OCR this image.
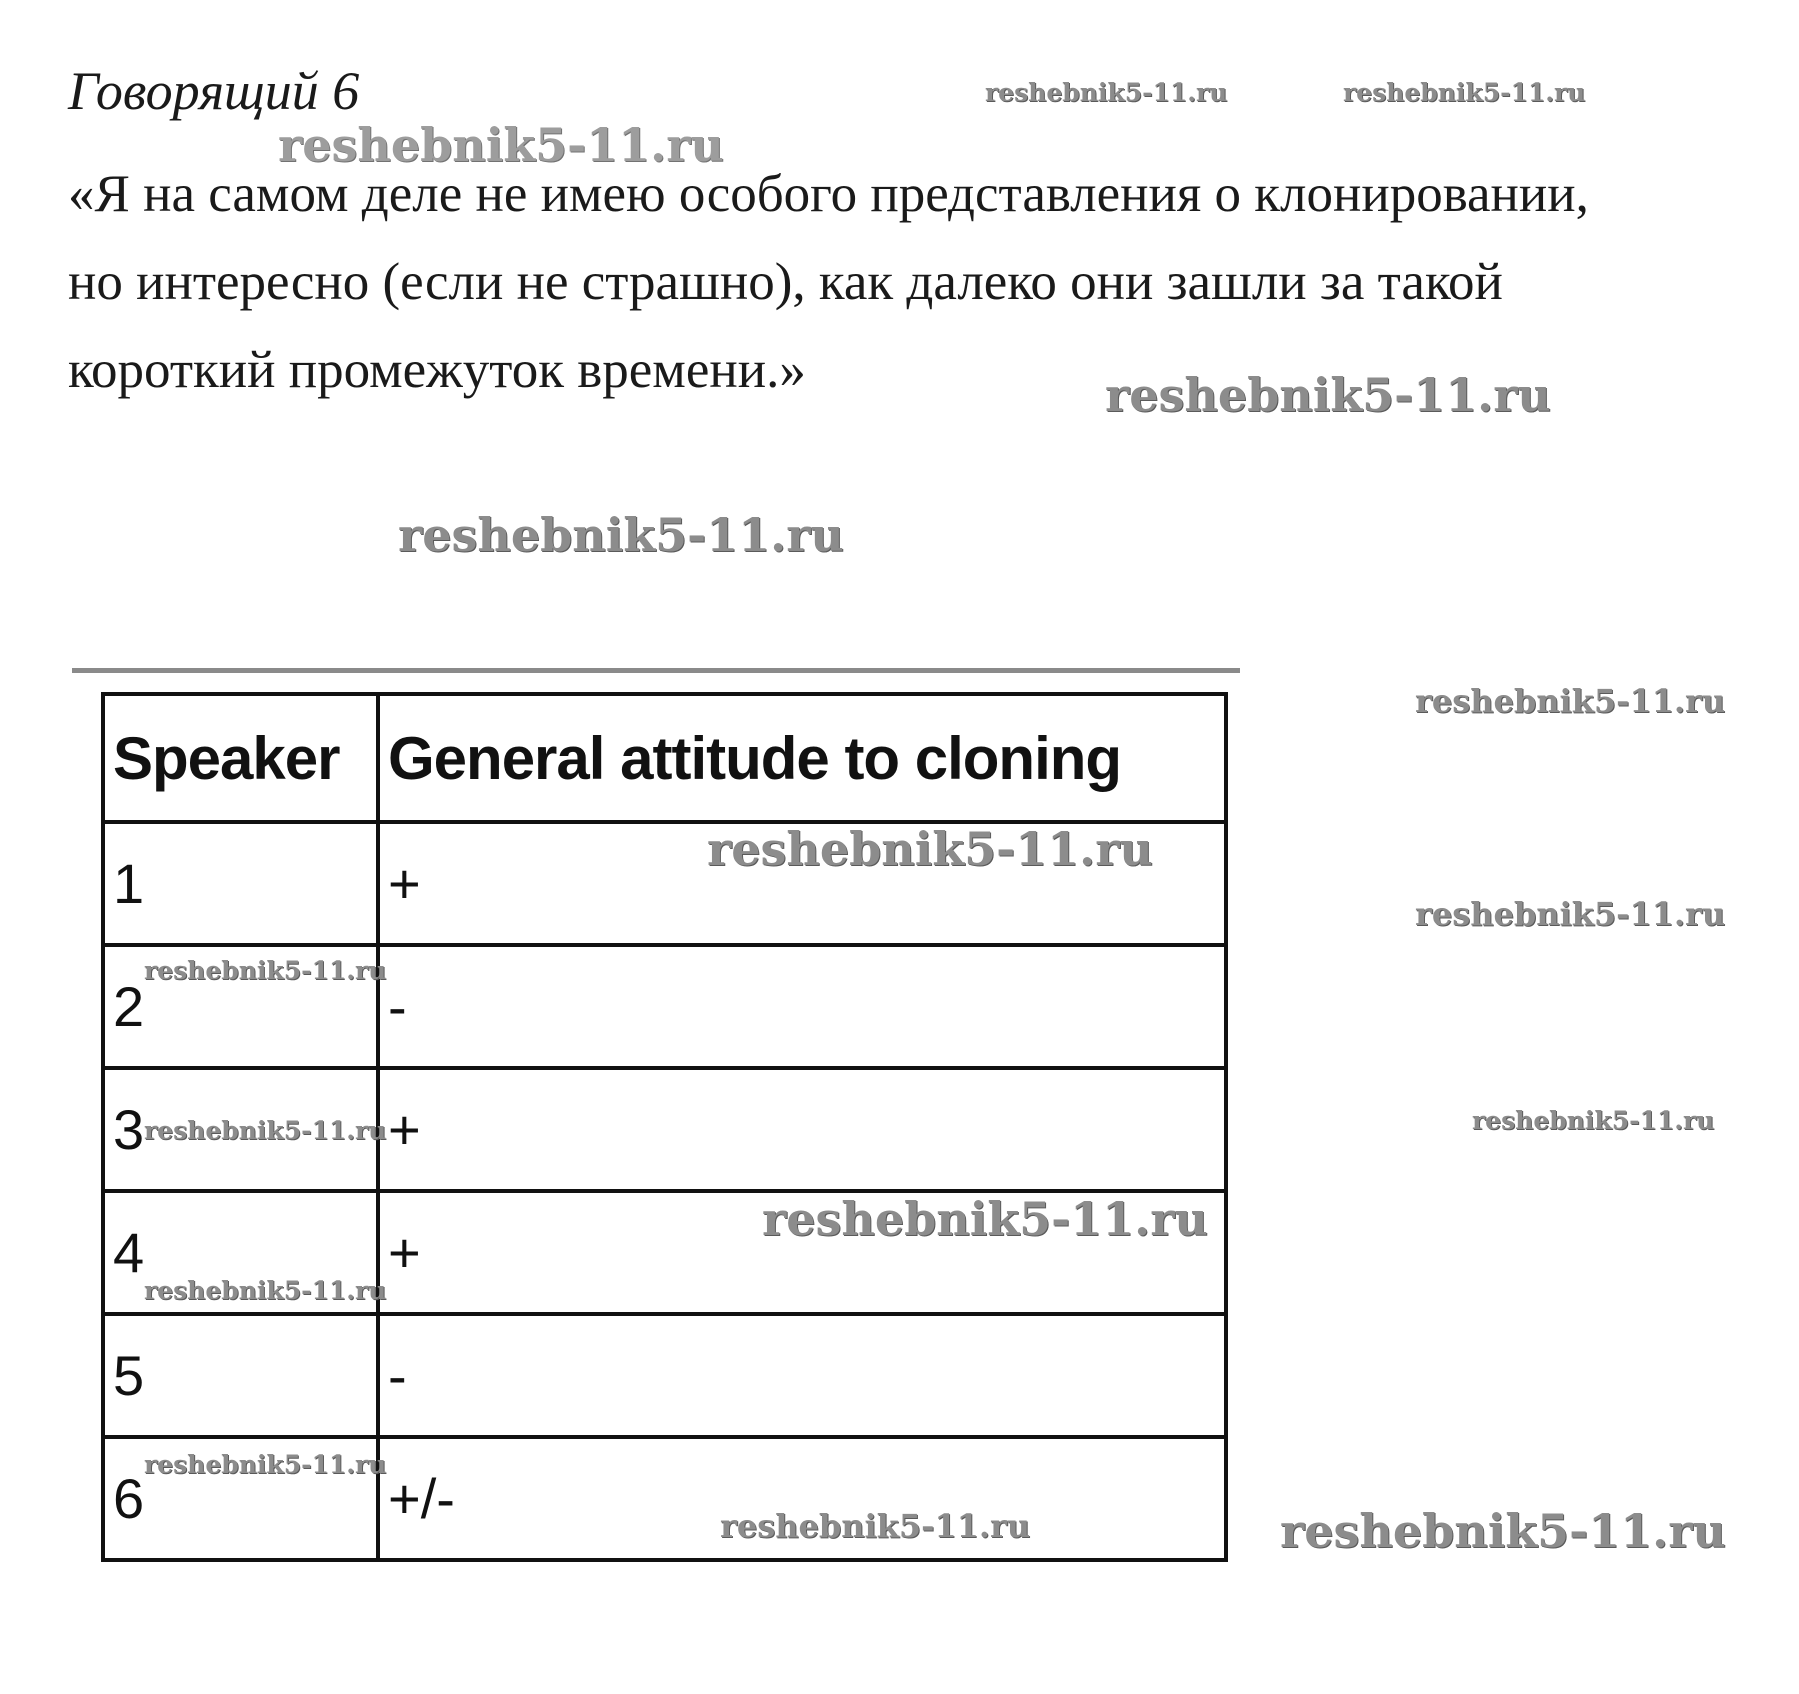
Говорящий 6

«Я на самом деле не имею особого представления о клонировании,
но интересно (если не страшно), как далеко они зашли за такой
короткий промежуток времени.»

Speaker	General attitude to cloning
1	+
2	-
3	+
4	+
5	-
6	+/-
reshebnik5-11.ru	reshebnik5-11.ru
reshebnik5-11.ru
reshebnik5-11.ru
reshebnik5-11.ru
reshebnik5-11.ru
reshebnik5-11.ru
reshebnik5-11.ru
reshebnik5-11.ru
reshebnik5-11.ru	reshebnik5-11.ru
reshebnik5-11.ru
reshebnik5-11.ru
reshebnik5-11.ru
reshebnik5-11.ru	reshebnik5-11.ru
